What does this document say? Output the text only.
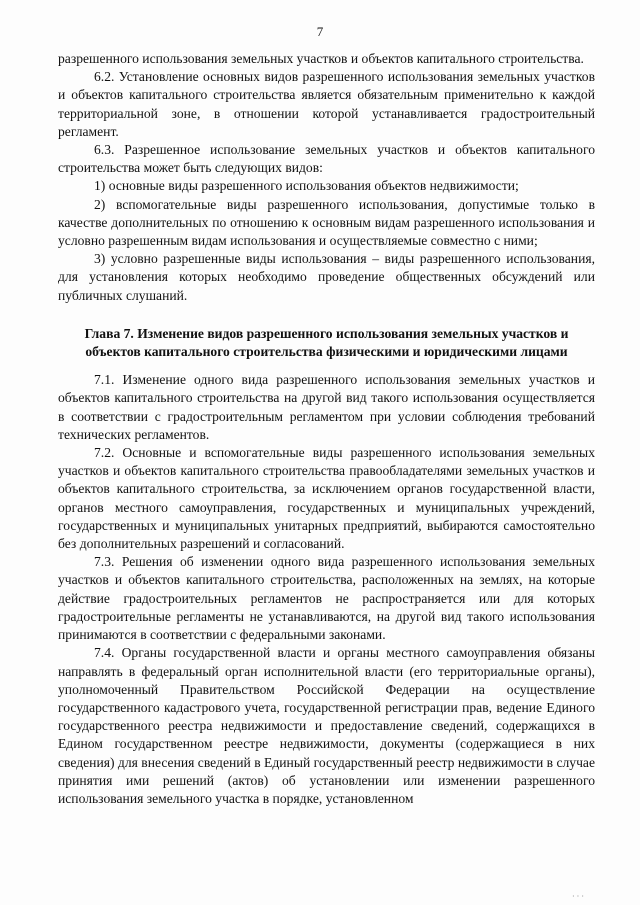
7

разрешенного использования земельных участков и объектов капитального строительства.

6.2. Установление основных видов разрешенного использования земельных участков и объектов капитального строительства является обязательным применительно к каждой территориальной зоне, в отношении которой устанавливается градостроительный регламент.

6.3. Разрешенное использование земельных участков и объектов капитального строительства может быть следующих видов:

1) основные виды разрешенного использования объектов недвижимости;

2) вспомогательные виды разрешенного использования, допустимые только в качестве дополнительных по отношению к основным видам разрешенного использования и условно разрешенным видам использования и осуществляемые совместно с ними;

3) условно разрешенные виды использования – виды разрешенного использования, для установления которых необходимо проведение общественных обсуждений или публичных слушаний.

Глава 7. Изменение видов разрешенного использования земельных участков и объектов капитального строительства физическими и юридическими лицами

7.1. Изменение одного вида разрешенного использования земельных участков и объектов капитального строительства на другой вид такого использования осуществляется в соответствии с градостроительным регламентом при условии соблюдения требований технических регламентов.

7.2. Основные и вспомогательные виды разрешенного использования земельных участков и объектов капитального строительства правообладателями земельных участков и объектов капитального строительства, за исключением органов государственной власти, органов местного самоуправления, государственных и муниципальных учреждений, государственных и муниципальных унитарных предприятий, выбираются самостоятельно без дополнительных разрешений и согласований.

7.3. Решения об изменении одного вида разрешенного использования земельных участков и объектов капитального строительства, расположенных на землях, на которые действие градостроительных регламентов не распространяется или для которых градостроительные регламенты не устанавливаются, на другой вид такого использования принимаются в соответствии с федеральными законами.

7.4. Органы государственной власти и органы местного самоуправления обязаны направлять в федеральный орган исполнительной власти (его территориальные органы), уполномоченный Правительством Российской Федерации на осуществление государственного кадастрового учета, государственной регистрации прав, ведение Единого государственного реестра недвижимости и предоставление сведений, содержащихся в Едином государственном реестре недвижимости, документы (содержащиеся в них сведения) для внесения сведений в Единый государственный реестр недвижимости в случае принятия ими решений (актов) об установлении или изменении разрешенного использования земельного участка в порядке, установленном

· · ·
